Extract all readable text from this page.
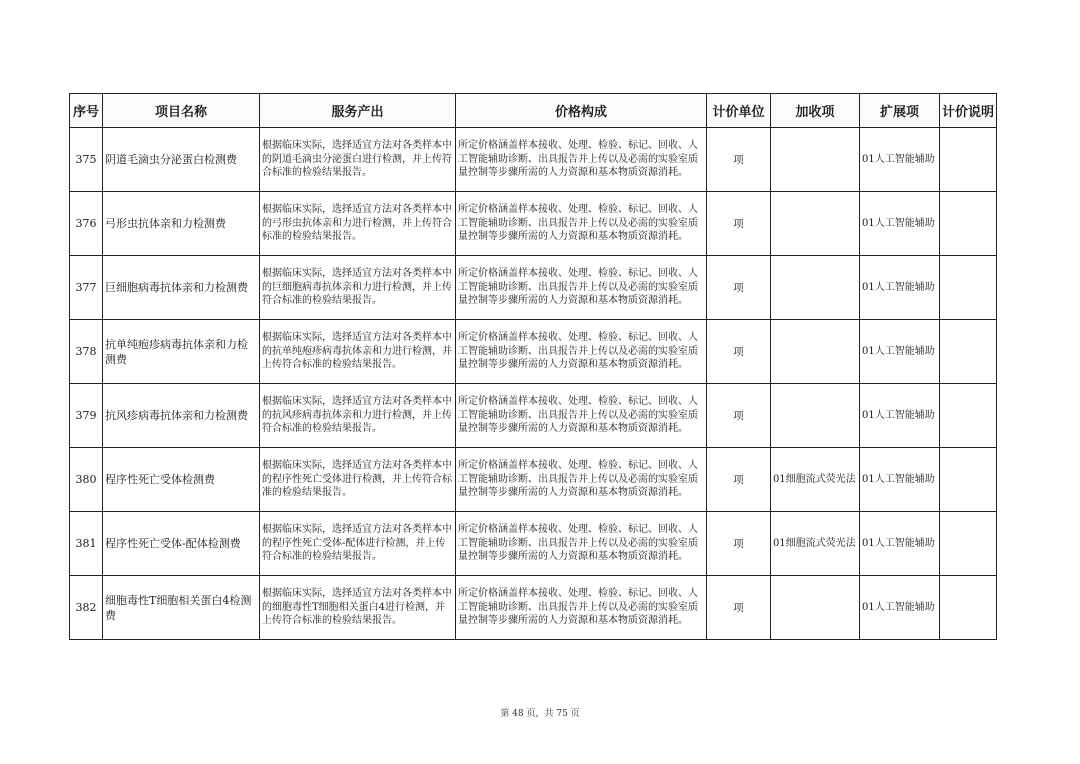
序号	项目名称	服务产出	价格构成	计价单位	加收项	扩展项	计价说明
375	阴道毛滴虫分泌蛋白检测费	根据临床实际，选择适宜方法对各类样本中的阴道毛滴虫分泌蛋白进行检测，并上传符合标准的检验结果报告。	所定价格涵盖样本接收、处理、检验、标记、回收、人工智能辅助诊断、出具报告并上传以及必需的实验室质量控制等步骤所需的人力资源和基本物质资源消耗。	项		01人工智能辅助	
376	弓形虫抗体亲和力检测费	根据临床实际，选择适宜方法对各类样本中的弓形虫抗体亲和力进行检测，并上传符合标准的检验结果报告。	所定价格涵盖样本接收、处理、检验、标记、回收、人工智能辅助诊断、出具报告并上传以及必需的实验室质量控制等步骤所需的人力资源和基本物质资源消耗。	项		01人工智能辅助	
377	巨细胞病毒抗体亲和力检测费	根据临床实际，选择适宜方法对各类样本中的巨细胞病毒抗体亲和力进行检测，并上传符合标准的检验结果报告。	所定价格涵盖样本接收、处理、检验、标记、回收、人工智能辅助诊断、出具报告并上传以及必需的实验室质量控制等步骤所需的人力资源和基本物质资源消耗。	项		01人工智能辅助	
378	抗单纯疱疹病毒抗体亲和力检测费	根据临床实际，选择适宜方法对各类样本中的抗单纯疱疹病毒抗体亲和力进行检测，并上传符合标准的检验结果报告。	所定价格涵盖样本接收、处理、检验、标记、回收、人工智能辅助诊断、出具报告并上传以及必需的实验室质量控制等步骤所需的人力资源和基本物质资源消耗。	项		01人工智能辅助	
379	抗风疹病毒抗体亲和力检测费	根据临床实际，选择适宜方法对各类样本中的抗风疹病毒抗体亲和力进行检测，并上传符合标准的检验结果报告。	所定价格涵盖样本接收、处理、检验、标记、回收、人工智能辅助诊断、出具报告并上传以及必需的实验室质量控制等步骤所需的人力资源和基本物质资源消耗。	项		01人工智能辅助	
380	程序性死亡受体检测费	根据临床实际，选择适宜方法对各类样本中的程序性死亡受体进行检测，并上传符合标准的检验结果报告。	所定价格涵盖样本接收、处理、检验、标记、回收、人工智能辅助诊断、出具报告并上传以及必需的实验室质量控制等步骤所需的人力资源和基本物质资源消耗。	项	01细胞流式荧光法	01人工智能辅助	
381	程序性死亡受体-配体检测费	根据临床实际，选择适宜方法对各类样本中的程序性死亡受体-配体进行检测，并上传符合标准的检验结果报告。	所定价格涵盖样本接收、处理、检验、标记、回收、人工智能辅助诊断、出具报告并上传以及必需的实验室质量控制等步骤所需的人力资源和基本物质资源消耗。	项	01细胞流式荧光法	01人工智能辅助	
382	细胞毒性T细胞相关蛋白4检测费	根据临床实际，选择适宜方法对各类样本中的细胞毒性T细胞相关蛋白4进行检测，并上传符合标准的检验结果报告。	所定价格涵盖样本接收、处理、检验、标记、回收、人工智能辅助诊断、出具报告并上传以及必需的实验室质量控制等步骤所需的人力资源和基本物质资源消耗。	项		01人工智能辅助	
第 48 页，共 75 页
